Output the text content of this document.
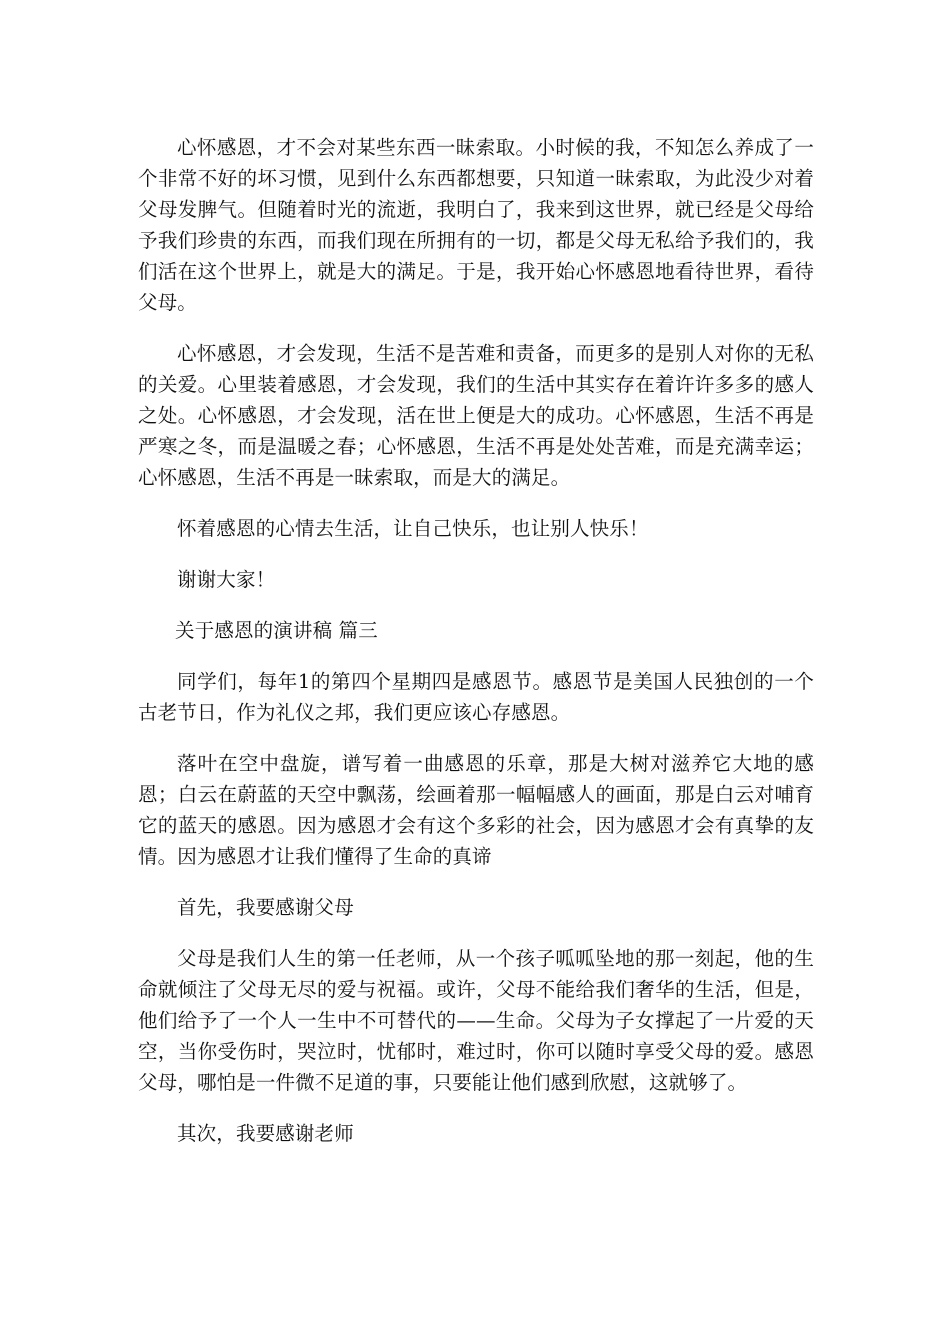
心怀感恩，才不会对某些东西一昧索取。小时候的我，不知怎么养成了一个非常不好的坏习惯，见到什么东西都想要，只知道一昧索取，为此没少对着父母发脾气。但随着时光的流逝，我明白了，我来到这世界，就已经是父母给予我们珍贵的东西，而我们现在所拥有的一切，都是父母无私给予我们的，我们活在这个世界上，就是大的满足。于是，我开始心怀感恩地看待世界，看待父母。

心怀感恩，才会发现，生活不是苦难和责备，而更多的是别人对你的无私的关爱。心里装着感恩，才会发现，我们的生活中其实存在着许许多多的感人之处。心怀感恩，才会发现，活在世上便是大的成功。心怀感恩，生活不再是严寒之冬，而是温暖之春；心怀感恩，生活不再是处处苦难，而是充满幸运；心怀感恩，生活不再是一昧索取，而是大的满足。

怀着感恩的心情去生活，让自己快乐，也让别人快乐！

谢谢大家！

关于感恩的演讲稿 篇三

同学们，每年1的第四个星期四是感恩节。感恩节是美国人民独创的一个古老节日，作为礼仪之邦，我们更应该心存感恩。

落叶在空中盘旋，谱写着一曲感恩的乐章，那是大树对滋养它大地的感恩；白云在蔚蓝的天空中飘荡，绘画着那一幅幅感人的画面，那是白云对哺育它的蓝天的感恩。因为感恩才会有这个多彩的社会，因为感恩才会有真挚的友情。因为感恩才让我们懂得了生命的真谛

首先，我要感谢父母

父母是我们人生的第一任老师，从一个孩子呱呱坠地的那一刻起，他的生命就倾注了父母无尽的爱与祝福。或许，父母不能给我们奢华的生活，但是，他们给予了一个人一生中不可替代的——生命。父母为子女撑起了一片爱的天空，当你受伤时，哭泣时，忧郁时，难过时，你可以随时享受父母的爱。感恩父母，哪怕是一件微不足道的事，只要能让他们感到欣慰，这就够了。

其次，我要感谢老师
